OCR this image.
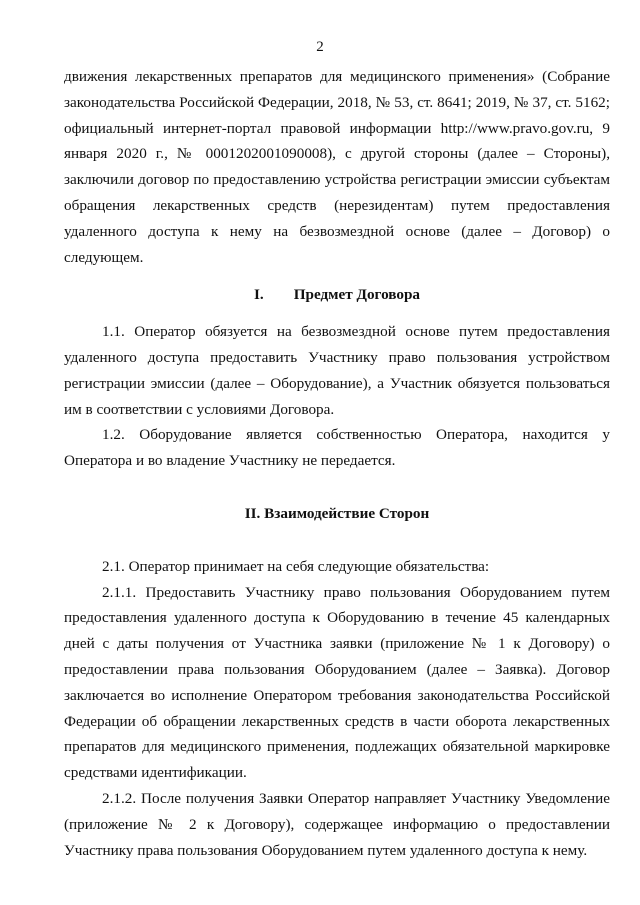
2

движения лекарственных препаратов для медицинского применения» (Собрание законодательства Российской Федерации, 2018, № 53, ст. 8641; 2019, № 37, ст. 5162; официальный интернет-портал правовой информации http://www.pravo.gov.ru, 9 января 2020 г., № 0001202001090008), с другой стороны (далее – Стороны), заключили договор по предоставлению устройства регистрации эмиссии субъектам обращения лекарственных средств (нерезидентам) путем предоставления удаленного доступа к нему на безвозмездной основе (далее – Договор) о следующем.

I. Предмет Договора

1.1. Оператор обязуется на безвозмездной основе путем предоставления удаленного доступа предоставить Участнику право пользования устройством регистрации эмиссии (далее – Оборудование), а Участник обязуется пользоваться им в соответствии с условиями Договора.

1.2. Оборудование является собственностью Оператора, находится у Оператора и во владение Участнику не передается.

II. Взаимодействие Сторон

2.1. Оператор принимает на себя следующие обязательства:

2.1.1. Предоставить Участнику право пользования Оборудованием путем предоставления удаленного доступа к Оборудованию в течение 45 календарных дней с даты получения от Участника заявки (приложение № 1 к Договору) о предоставлении права пользования Оборудованием (далее – Заявка). Договор заключается во исполнение Оператором требования законодательства Российской Федерации об обращении лекарственных средств в части оборота лекарственных препаратов для медицинского применения, подлежащих обязательной маркировке средствами идентификации.

2.1.2. После получения Заявки Оператор направляет Участнику Уведомление (приложение № 2 к Договору), содержащее информацию о предоставлении Участнику права пользования Оборудованием путем удаленного доступа к нему.
